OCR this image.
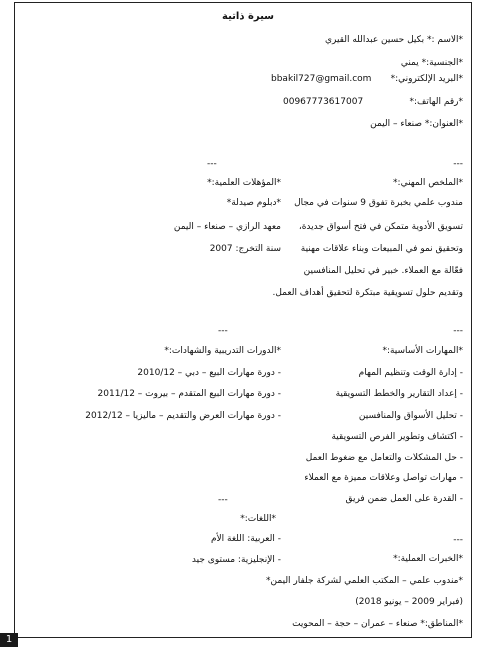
سيرة ذاتية
*الاسم :* بكيل حسين عبدالله القيري
*الجنسية:* يمني
*البريد الإلكتروني:*
bbakil727@gmail.com
*رقم الهاتف:*
00967773617007
*العنوان:* صنعاء – اليمن
---
---
*الملخص المهني:*
مندوب علمي بخبرة تفوق 9 سنوات في مجال
تسويق الأدوية متمكن في فتح أسواق جديدة،
وتحقيق نمو في المبيعات وبناء علاقات مهنية
فعّالة مع العملاء. خبير في تحليل المنافسين
وتقديم حلول تسويقية مبتكرة لتحقيق أهداف العمل.
*المؤهلات العلمية:*
*دبلوم صيدلة*
معهد الرازي – صنعاء – اليمن
سنة التخرج: 2007
---
---
*المهارات الأساسية:*
- إدارة الوقت وتنظيم المهام
- إعداد التقارير والخطط التسويقية
- تحليل الأسواق والمنافسين
- اكتشاف وتطوير الفرص التسويقية
- حل المشكلات والتعامل مع ضغوط العمل
- مهارات تواصل وعلاقات مميزة مع العملاء
- القدرة على العمل ضمن فريق
*الدورات التدريبية والشهادات:*
- دورة مهارات البيع – دبي – 2010/12
- دورة مهارات البيع المتقدم – بيروت – 2011/12
- دورة مهارات العرض والتقديم – ماليزيا – 2012/12
---
*اللغات:*
- العربية: اللغة الأم
- الإنجليزية: مستوى جيد
---
*الخبرات العملية:*
*مندوب علمي – المكتب العلمي لشركة جلفار اليمن*
(فبراير 2009 – يونيو 2018)
*المناطق:* صنعاء – عمران – حجة – المحويت
1
